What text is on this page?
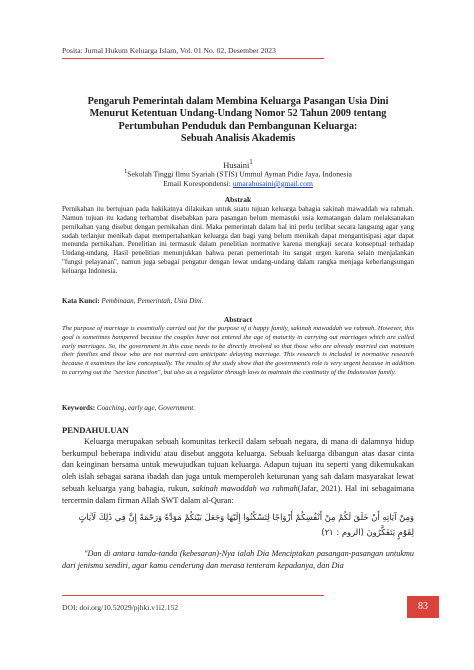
Posita: Jurnal Hukum Keluarga Islam, Vol. 01 No. 02, Desember 2023
Pengaruh Pemerintah dalam Membina Keluarga Pasangan Usia Dini
Menurut Ketentuan Undang-Undang Nomor 52 Tahun 2009 tentang
Pertumbuhan Penduduk dan Pembangunan Keluarga:
Sebuah Analisis Akademis
Husaini$^1$
$^1$Sekolah Tinggi Ilmu Syariah (STIS) Ummul Ayman Pidie Jaya, Indonesia
Email Korespondensi: umarahusaini@gmail.com
Abstrak
Pernikahan itu bertujuan pada hakikatnya dilakukan untuk suatu tujuan keluarga bahagia sakinah mawaddah wa rahmah. Namun tujuan itu kadang terhambat disebabkan para pasangan belum memasuki usia kematangan dalam melaksanakan pernikahan yang disebut dengan pernikahan dini. Maka pemerintah dalam hal ini perlu terlibat secara langsung agar yang sudah terlanjur menikah dapat mempertahankan keluarga dan bagi yang belum menikah dapat mengantisipasi agar dapat menunda pernikahan. Penelitian ini termasuk dalam penelitian normative karena mengkaji secara konseptual terhadap Undang-undang. Hasil penelitian menunjukkan bahwa peran pemerintah itu sangat urgen karena selain menjalankan "fungsi pelayanan", namun juga sebagai pengatur dengan lewat undang-undang dalam rangka menjaga keberlangsungan keluarga Indonesia.
Kata Kunci: Pembinaan, Pemerintah, Usia Dini.
Abstract
The purpose of marriage is essentially carried out for the purpose of a happy family, sakinah mawaddah wa rahmah. However, this goal is sometimes hampered because the couples have not entered the age of maturity in carrying out marriages which are called early marriages. So, the government in this case needs to be directly involved so that those who are already married can maintain their families and those who are not married can anticipate delaying marriage. This research is included in normative research because it examines the law conceptually. The results of the study show that the government's role is very urgent because in addition to carrying out the "service function", but also as a regulator through laws to maintain the continuity of the Indonesian family.
Keywords: Coaching, early age, Government.
PENDAHULUAN
Keluarga merupakan sebuah komunitas terkecil dalam sebuah negara, di mana di dalamnya hidup berkumpul beberapa individu atau disebut anggota keluarga. Sebuah keluarga dibangun atas dasar cinta dan keinginan bersama untuk mewujudkan tujuan keluarga. Adapun tujuan itu seperti yang dikemukakan oleh islah sebagai sarana ibadah dan juga untuk memperoleh keturunan yang sah dalam masyarakat lewat sebuah keluarga yang bahagia, rukun, sakinah mawaddah wa rahmah(Jafar, 2021). Hal ini sebagaimana tercermin dalam firman Allah SWT dalam al-Quran:
وَمِنْ آيَاتِهِ أَنْ خَلَقَ لَكُمْ مِنْ أَنْفُسِكُمْ أَزْوَاجًا لِتَسْكُنُوا إِلَيْهَا وَجَعَلَ بَيْنَكُمْ مَوَدَّةً وَرَحْمَةً إِنَّ فِي ذَٰلِكَ لَآيَاتٍ لِقَوْمٍ يَتَفَكَّرُونَ (الروم : ٢١)
"Dan di antara tanda-tanda (kebesaran)-Nya ialah Dia Menciptakan pasangan-pasangan untukmu dari jenismu sendiri, agar kamu cenderung dan merasa tenteram kepadanya, dan Dia
DOI: doi.org/10.52029/pjhki.v1i2.152	83
